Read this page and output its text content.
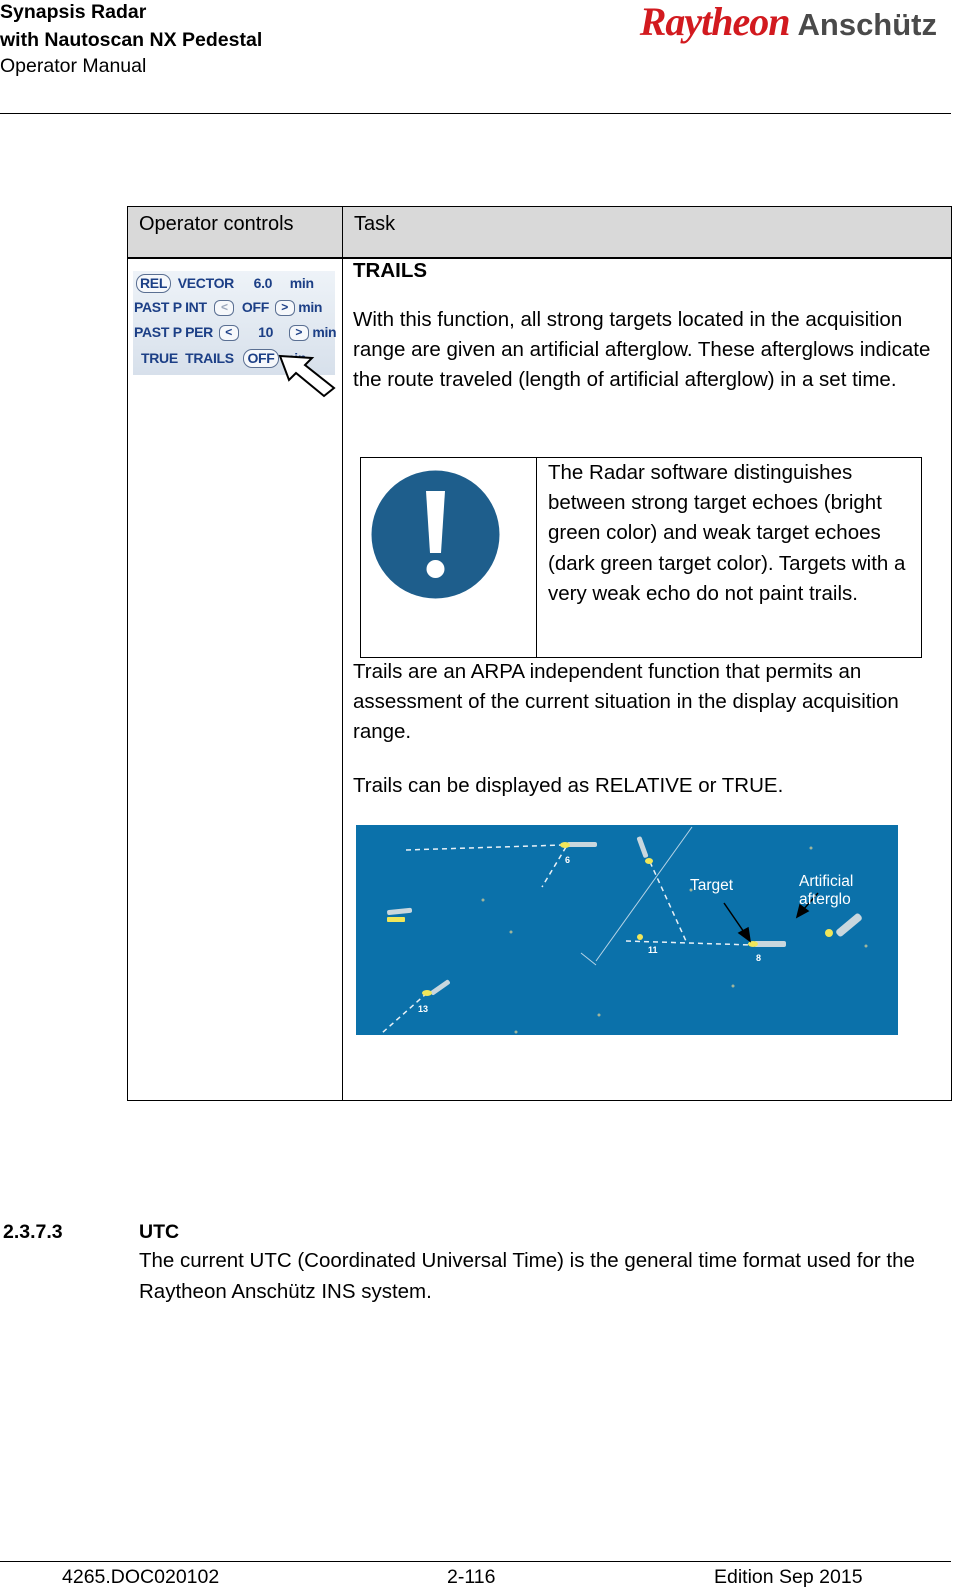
Synapsis Radar
with Nautoscan NX Pedestal
Operator Manual
Raytheon Anschütz
Operator controls	Task
REL VECTOR 6.0 min
PAST P INT < OFF > min
PAST P PER < 10 > min
TRUE  TRAILS OFF
TRAILS
With this function, all strong targets located in the acquisition range are given an artificial afterglow. These afterglows indicate the route traveled (length of artificial afterglow) in a set time.
The Radar software distinguishes between strong target echoes (bright green color) and weak target echoes (dark green target color). Targets with a very weak echo do not paint trails.
Trails are an ARPA independent function that permits an assessment of the current situation in the display acquisition range.
Trails can be displayed as RELATIVE or TRUE.
6
11
8
13
Target	Artificial
afterglo
2.3.7.3	UTC
The current UTC (Coordinated Universal Time) is the general time format used for the Raytheon Anschütz INS system.
4265.DOC020102	2-116	Edition Sep 2015
